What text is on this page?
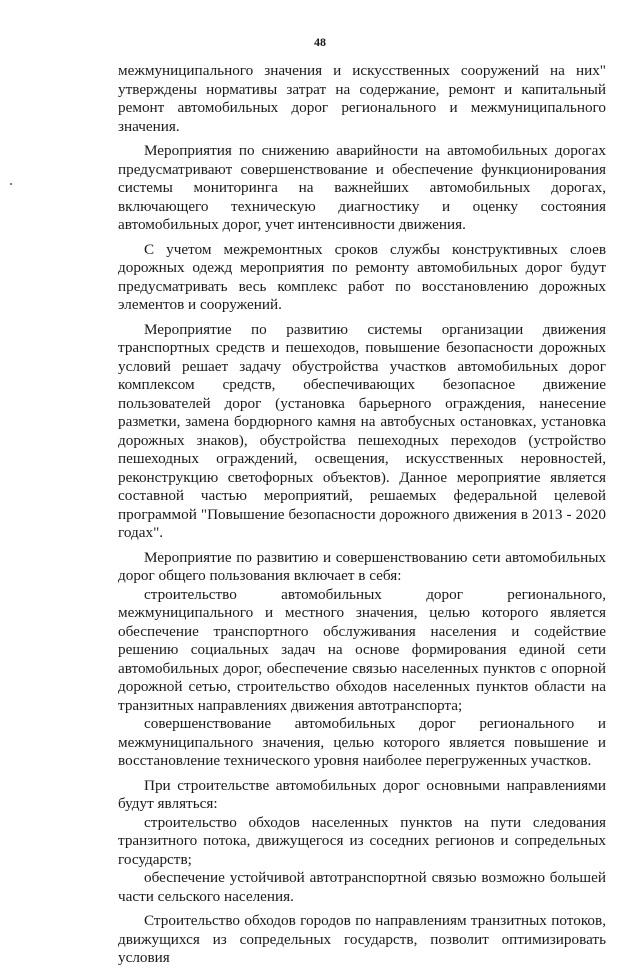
48

межмуниципального значения и искусственных сооружений на них" утверждены нормативы затрат на содержание, ремонт и капитальный ремонт автомобильных дорог регионального и межмуниципального значения.

Мероприятия по снижению аварийности на автомобильных дорогах предусматривают совершенствование и обеспечение функционирования системы мониторинга на важнейших автомобильных дорогах, включающего техническую диагностику и оценку состояния автомобильных дорог, учет интенсивности движения.

С учетом межремонтных сроков службы конструктивных слоев дорожных одежд мероприятия по ремонту автомобильных дорог будут предусматривать весь комплекс работ по восстановлению дорожных элементов и сооружений.

Мероприятие по развитию системы организации движения транспортных средств и пешеходов, повышение безопасности дорожных условий решает задачу обустройства участков автомобильных дорог комплексом средств, обеспечивающих безопасное движение пользователей дорог (установка барьерного ограждения, нанесение разметки, замена бордюрного камня на автобусных остановках, установка дорожных знаков), обустройства пешеходных переходов (устройство пешеходных ограждений, освещения, искусственных неровностей, реконструкцию светофорных объектов). Данное мероприятие является составной частью мероприятий, решаемых федеральной целевой программой "Повышение безопасности дорожного движения в 2013 - 2020 годах".

Мероприятие по развитию и совершенствованию сети автомобильных дорог общего пользования включает в себя:

строительство автомобильных дорог регионального, межмуниципального и местного значения, целью которого является обеспечение транспортного обслуживания населения и содействие решению социальных задач на основе формирования единой сети автомобильных дорог, обеспечение связью населенных пунктов с опорной дорожной сетью, строительство обходов населенных пунктов области на транзитных направлениях движения автотранспорта;

совершенствование автомобильных дорог регионального и межмуниципального значения, целью которого является повышение и восстановление технического уровня наиболее перегруженных участков.

При строительстве автомобильных дорог основными направлениями будут являться:

строительство обходов населенных пунктов на пути следования транзитного потока, движущегося из соседних регионов и сопредельных государств;

обеспечение устойчивой автотранспортной связью возможно большей части сельского населения.

Строительство обходов городов по направлениям транзитных потоков, движущихся из сопредельных государств, позволит оптимизировать условия
